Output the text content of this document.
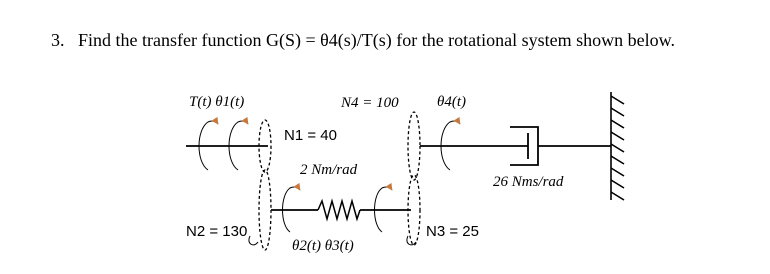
3. Find the transfer function G(S) = θ4(s)/T(s) for the rotational system shown below.
T(t) θ1(t)	N4 = 100	θ4(t)
N1 = 40
2 Nm/rad
26 Nms/rad
N2 = 130
θ2(t) θ3(t)
N3 = 25
